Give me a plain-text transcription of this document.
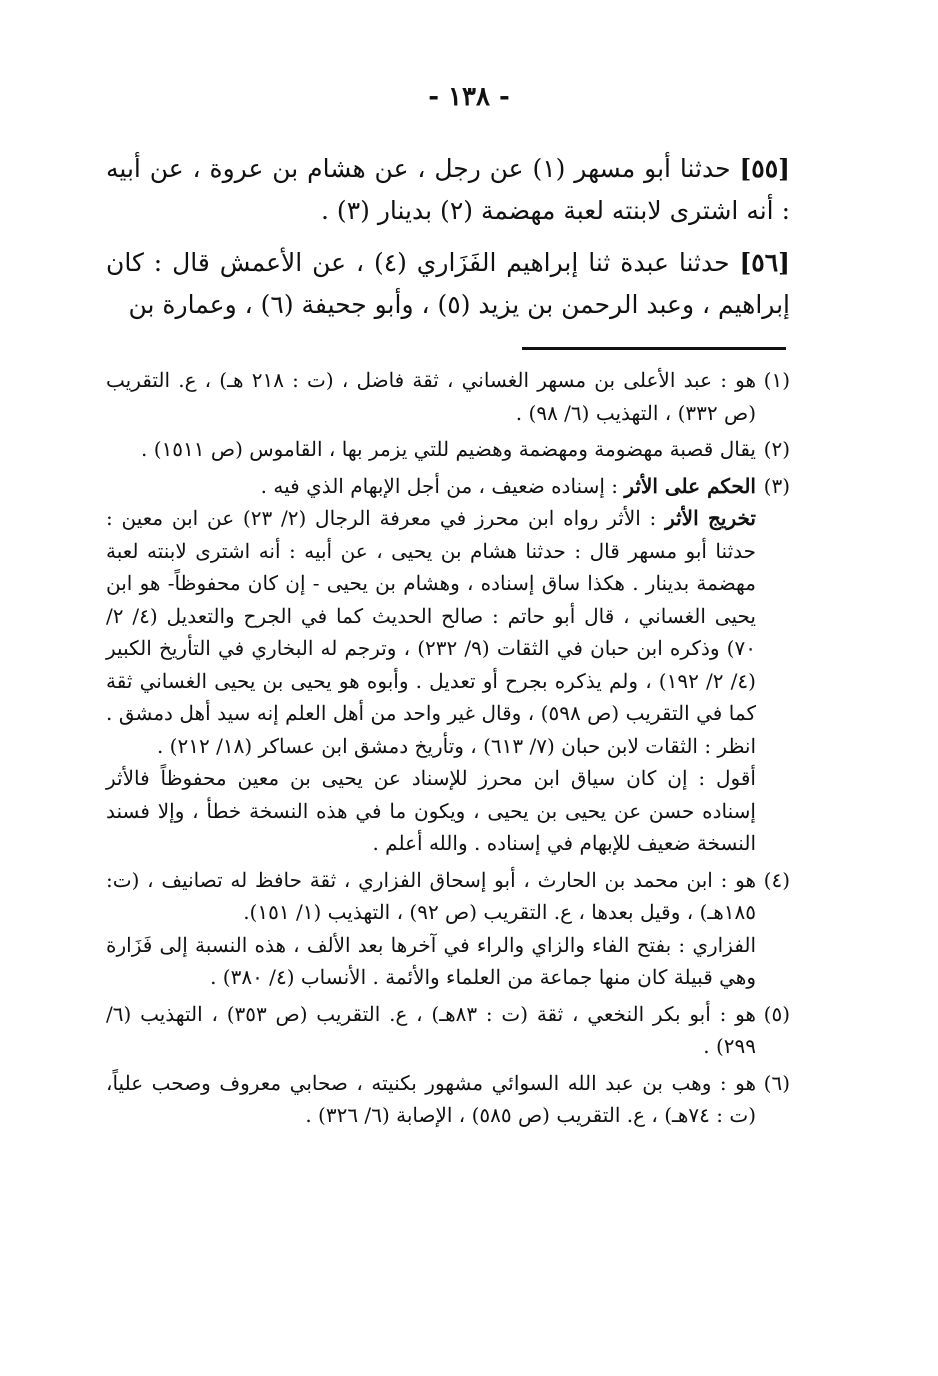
- ١٣٨ -

[٥٥] حدثنا أبو مسهر (١) عن رجل ، عن هشام بن عروة ، عن أبيه : أنه اشترى لابنته لعبة مهضمة (٢) بدينار (٣) .

[٥٦] حدثنا عبدة ثنا إبراهيم الفَزَاري (٤) ، عن الأعمش قال : كان إبراهيم ، وعبد الرحمن بن يزيد (٥) ، وأبو جحيفة (٦) ، وعمارة بن

(١)

هو : عبد الأعلى بن مسهر الغساني ، ثقة فاضل ، (ت : ٢١٨ هـ) ، ع. التقريب (ص ٣٣٢) ، التهذيب (٦/ ٩٨) .

(٢)

يقال قصبة مهضومة ومهضمة وهضيم للتي يزمر بها ، القاموس (ص ١٥١١) .

(٣)

الحكم على الأثر : إسناده ضعيف ، من أجل الإبهام الذي فيه .

تخريج الأثر : الأثر رواه ابن محرز في معرفة الرجال (٢/ ٢٣) عن ابن معين : حدثنا أبو مسهر قال : حدثنا هشام بن يحيى ، عن أبيه : أنه اشترى لابنته لعبة مهضمة بدينار . هكذا ساق إسناده ، وهشام بن يحيى - إن كان محفوظاً- هو ابن يحيى الغساني ، قال أبو حاتم : صالح الحديث كما في الجرح والتعديل (٤/ ٢/ ٧٠) وذكره ابن حبان في الثقات (٩/ ٢٣٢) ، وترجم له البخاري في التأريخ الكبير (٤/ ٢/ ١٩٢) ، ولم يذكره بجرح أو تعديل . وأبوه هو يحيى بن يحيى الغساني ثقة كما في التقريب (ص ٥٩٨) ، وقال غير واحد من أهل العلم إنه سيد أهل دمشق . انظر : الثقات لابن حبان (٧/ ٦١٣) ، وتأريخ دمشق ابن عساكر (١٨/ ٢١٢) .

أقول : إن كان سياق ابن محرز للإسناد عن يحيى بن معين محفوظاً فالأثر إسناده حسن عن يحيى بن يحيى ، ويكون ما في هذه النسخة خطأ ، وإلا فسند النسخة ضعيف للإبهام في إسناده . والله أعلم .

(٤)

هو : ابن محمد بن الحارث ، أبو إسحاق الفزاري ، ثقة حافظ له تصانيف ، (ت: ١٨٥هـ) ، وقيل بعدها ، ع. التقريب (ص ٩٢) ، التهذيب (١/ ١٥١).

الفزاري : بفتح الفاء والزاي والراء في آخرها بعد الألف ، هذه النسبة إلى فَزَارة وهي قبيلة كان منها جماعة من العلماء والأئمة . الأنساب (٤/ ٣٨٠) .

(٥)

هو : أبو بكر النخعي ، ثقة (ت : ٨٣هـ) ، ع. التقريب (ص ٣٥٣) ، التهذيب (٦/ ٢٩٩) .

(٦)

هو : وهب بن عبد الله السوائي مشهور بكنيته ، صحابي معروف وصحب علياً، (ت : ٧٤هـ) ، ع. التقريب (ص ٥٨٥) ، الإصابة (٦/ ٣٢٦) .
